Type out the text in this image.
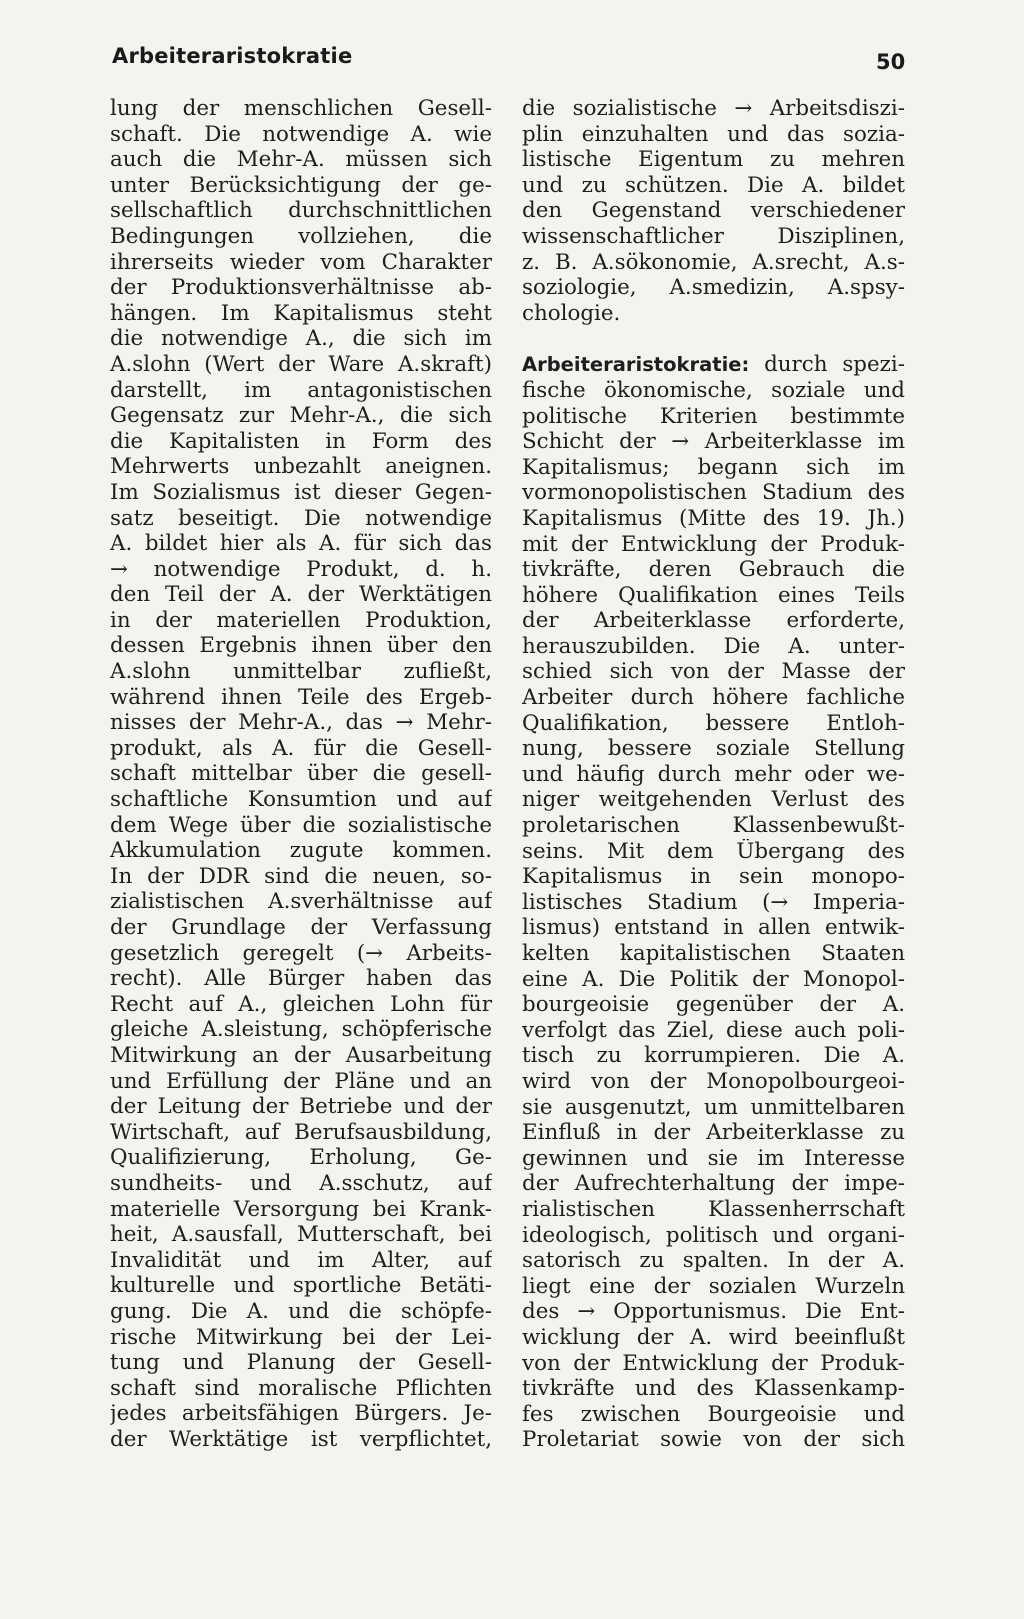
Arbeiteraristokratie	50
lung der menschlichen Gesell-
schaft. Die notwendige A. wie
auch die Mehr-A. müssen sich
unter Berücksichtigung der ge-
sellschaftlich durchschnittlichen
Bedingungen vollziehen, die
ihrerseits wieder vom Charakter
der Produktionsverhältnisse ab-
hängen. Im Kapitalismus steht
die notwendige A., die sich im
A.slohn (Wert der Ware A.skraft)
darstellt, im antagonistischen
Gegensatz zur Mehr-A., die sich
die Kapitalisten in Form des
Mehrwerts unbezahlt aneignen.
Im Sozialismus ist dieser Gegen-
satz beseitigt. Die notwendige
A. bildet hier als A. für sich das
→ notwendige Produkt, d. h.
den Teil der A. der Werktätigen
in der materiellen Produktion,
dessen Ergebnis ihnen über den
A.slohn unmittelbar zufließt,
während ihnen Teile des Ergeb-
nisses der Mehr-A., das → Mehr-
produkt, als A. für die Gesell-
schaft mittelbar über die gesell-
schaftliche Konsumtion und auf
dem Wege über die sozialistische
Akkumulation zugute kommen.
In der DDR sind die neuen, so-
zialistischen A.sverhältnisse auf
der Grundlage der Verfassung
gesetzlich geregelt (→ Arbeits-
recht). Alle Bürger haben das
Recht auf A., gleichen Lohn für
gleiche A.sleistung, schöpferische
Mitwirkung an der Ausarbeitung
und Erfüllung der Pläne und an
der Leitung der Betriebe und der
Wirtschaft, auf Berufsausbildung,
Qualifizierung, Erholung, Ge-
sundheits- und A.sschutz, auf
materielle Versorgung bei Krank-
heit, A.sausfall, Mutterschaft, bei
Invalidität und im Alter, auf
kulturelle und sportliche Betäti-
gung. Die A. und die schöpfe-
rische Mitwirkung bei der Lei-
tung und Planung der Gesell-
schaft sind moralische Pflichten
jedes arbeitsfähigen Bürgers. Je-
der Werktätige ist verpflichtet,
die sozialistische → Arbeitsdiszi-
plin einzuhalten und das sozia-
listische Eigentum zu mehren
und zu schützen. Die A. bildet
den Gegenstand verschiedener
wissenschaftlicher Disziplinen,
z. B. A.sökonomie, A.srecht, A.s-
soziologie, A.smedizin, A.spsy-
chologie.
Arbeiteraristokratie: durch spezi-
fische ökonomische, soziale und
politische Kriterien bestimmte
Schicht der → Arbeiterklasse im
Kapitalismus; begann sich im
vormonopolistischen Stadium des
Kapitalismus (Mitte des 19. Jh.)
mit der Entwicklung der Produk-
tivkräfte, deren Gebrauch die
höhere Qualifikation eines Teils
der Arbeiterklasse erforderte,
herauszubilden. Die A. unter-
schied sich von der Masse der
Arbeiter durch höhere fachliche
Qualifikation, bessere Entloh-
nung, bessere soziale Stellung
und häufig durch mehr oder we-
niger weitgehenden Verlust des
proletarischen Klassenbewußt-
seins. Mit dem Übergang des
Kapitalismus in sein monopo-
listisches Stadium (→ Imperia-
lismus) entstand in allen entwik-
kelten kapitalistischen Staaten
eine A. Die Politik der Monopol-
bourgeoisie gegenüber der A.
verfolgt das Ziel, diese auch poli-
tisch zu korrumpieren. Die A.
wird von der Monopolbourgeoi-
sie ausgenutzt, um unmittelbaren
Einfluß in der Arbeiterklasse zu
gewinnen und sie im Interesse
der Aufrechterhaltung der impe-
rialistischen Klassenherrschaft
ideologisch, politisch und organi-
satorisch zu spalten. In der A.
liegt eine der sozialen Wurzeln
des → Opportunismus. Die Ent-
wicklung der A. wird beeinflußt
von der Entwicklung der Produk-
tivkräfte und des Klassenkamp-
fes zwischen Bourgeoisie und
Proletariat sowie von der sich
